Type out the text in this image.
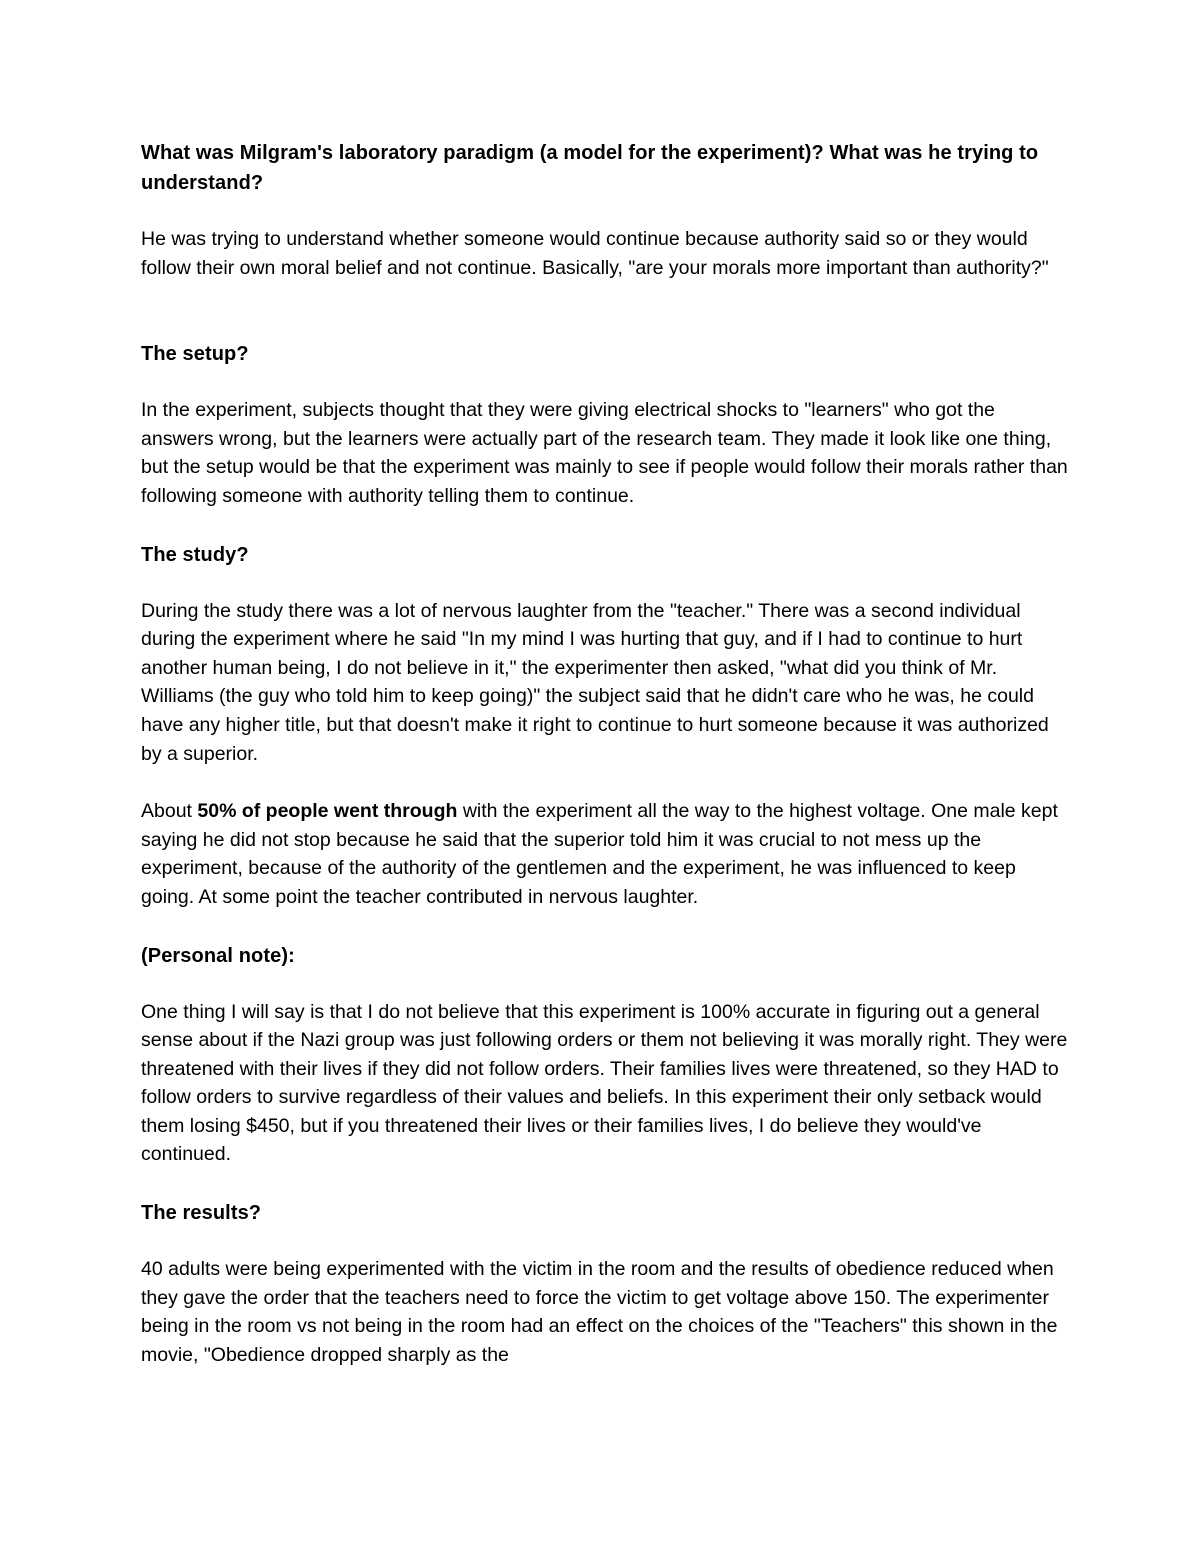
What was Milgram's laboratory paradigm (a model for the experiment)? What was he trying to understand?

He was trying to understand whether someone would continue because authority said so or they would follow their own moral belief and not continue. Basically, "are your morals more important than authority?"

The setup?

In the experiment, subjects thought that they were giving electrical shocks to "learners" who got the answers wrong, but the learners were actually part of the research team. They made it look like one thing, but the setup would be that the experiment was mainly to see if people would follow their morals rather than following someone with authority telling them to continue.

The study?

During the study there was a lot of nervous laughter from the "teacher." There was a second individual during the experiment where he said "In my mind I was hurting that guy, and if I had to continue to hurt another human being, I do not believe in it," the experimenter then asked, "what did you think of Mr. Williams (the guy who told him to keep going)" the subject said that he didn't care who he was, he could have any higher title, but that doesn't make it right to continue to hurt someone because it was authorized by a superior.

About 50% of people went through with the experiment all the way to the highest voltage. One male kept saying he did not stop because he said that the superior told him it was crucial to not mess up the experiment, because of the authority of the gentlemen and the experiment, he was influenced to keep going. At some point the teacher contributed in nervous laughter.

(Personal note):

One thing I will say is that I do not believe that this experiment is 100% accurate in figuring out a general sense about if the Nazi group was just following orders or them not believing it was morally right. They were threatened with their lives if they did not follow orders. Their families lives were threatened, so they HAD to follow orders to survive regardless of their values and beliefs. In this experiment their only setback would them losing $450, but if you threatened their lives or their families lives, I do believe they would've continued.

The results?

40 adults were being experimented with the victim in the room and the results of obedience reduced when they gave the order that the teachers need to force the victim to get voltage above 150. The experimenter being in the room vs not being in the room had an effect on the choices of the "Teachers" this shown in the movie, "Obedience dropped sharply as the
